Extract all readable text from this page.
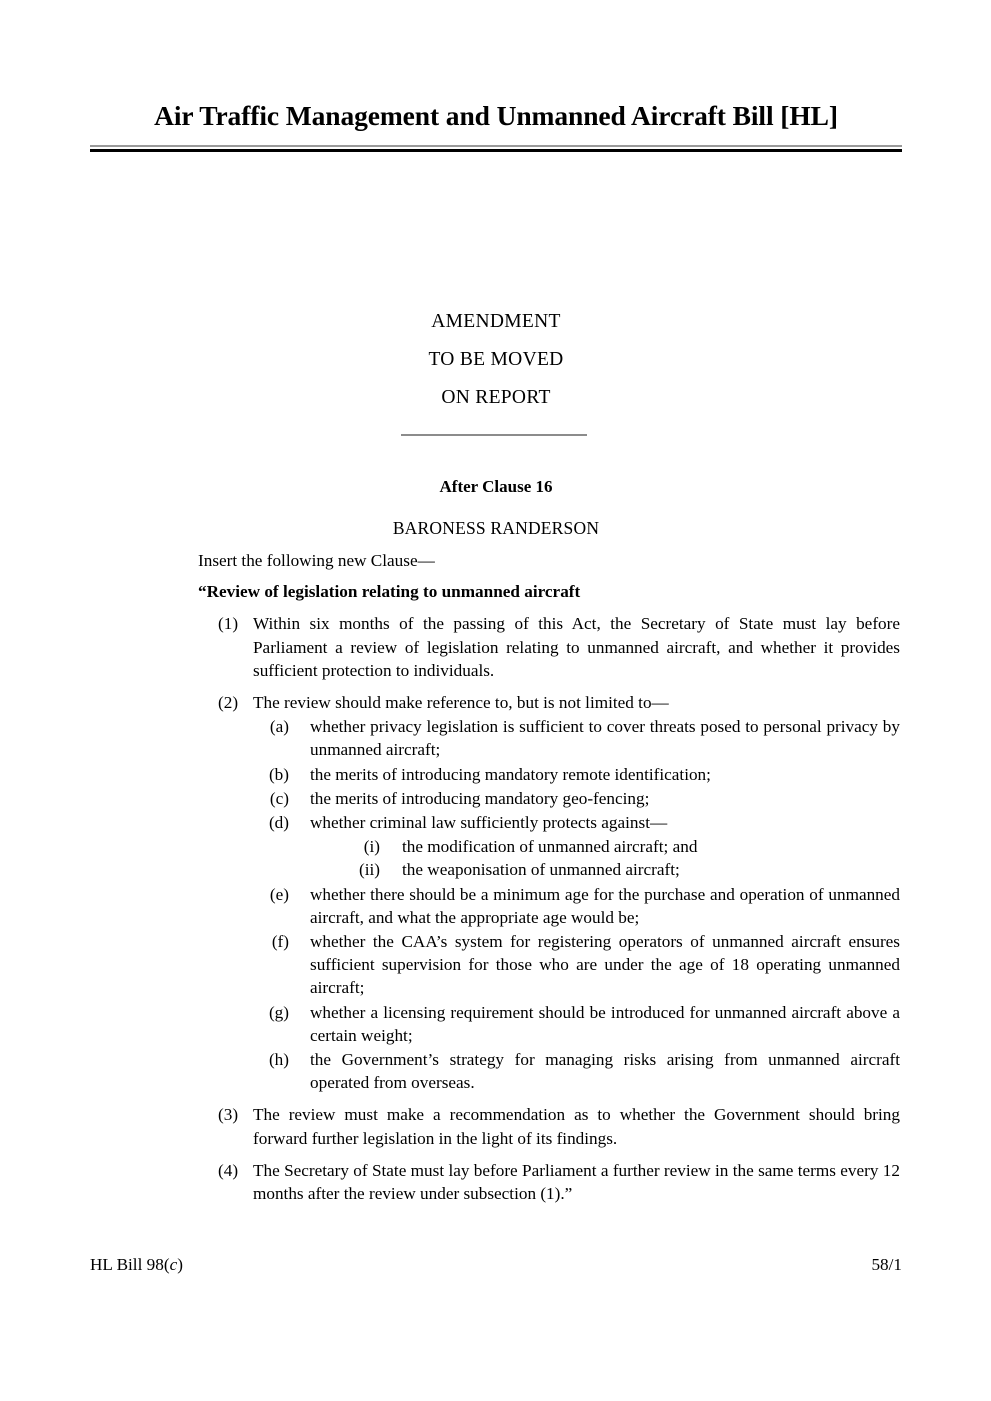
Air Traffic Management and Unmanned Aircraft Bill [HL]
AMENDMENT
TO BE MOVED
ON REPORT
After Clause 16
BARONESS RANDERSON

Insert the following new Clause—

“Review of legislation relating to unmanned aircraft

(1) Within six months of the passing of this Act, the Secretary of State must lay before Parliament a review of legislation relating to unmanned aircraft, and whether it provides sufficient protection to individuals.
(2) The review should make reference to, but is not limited to—
(a) whether privacy legislation is sufficient to cover threats posed to personal privacy by unmanned aircraft;
(b) the merits of introducing mandatory remote identification;
(c) the merits of introducing mandatory geo-fencing;
(d) whether criminal law sufficiently protects against—
(i) the modification of unmanned aircraft; and
(ii) the weaponisation of unmanned aircraft;
(e) whether there should be a minimum age for the purchase and operation of unmanned aircraft, and what the appropriate age would be;
(f) whether the CAA’s system for registering operators of unmanned aircraft ensures sufficient supervision for those who are under the age of 18 operating unmanned aircraft;
(g) whether a licensing requirement should be introduced for unmanned aircraft above a certain weight;
(h) the Government’s strategy for managing risks arising from unmanned aircraft operated from overseas.
(3) The review must make a recommendation as to whether the Government should bring forward further legislation in the light of its findings.
(4) The Secretary of State must lay before Parliament a further review in the same terms every 12 months after the review under subsection (1).”
HL Bill 98(c)	58/1
